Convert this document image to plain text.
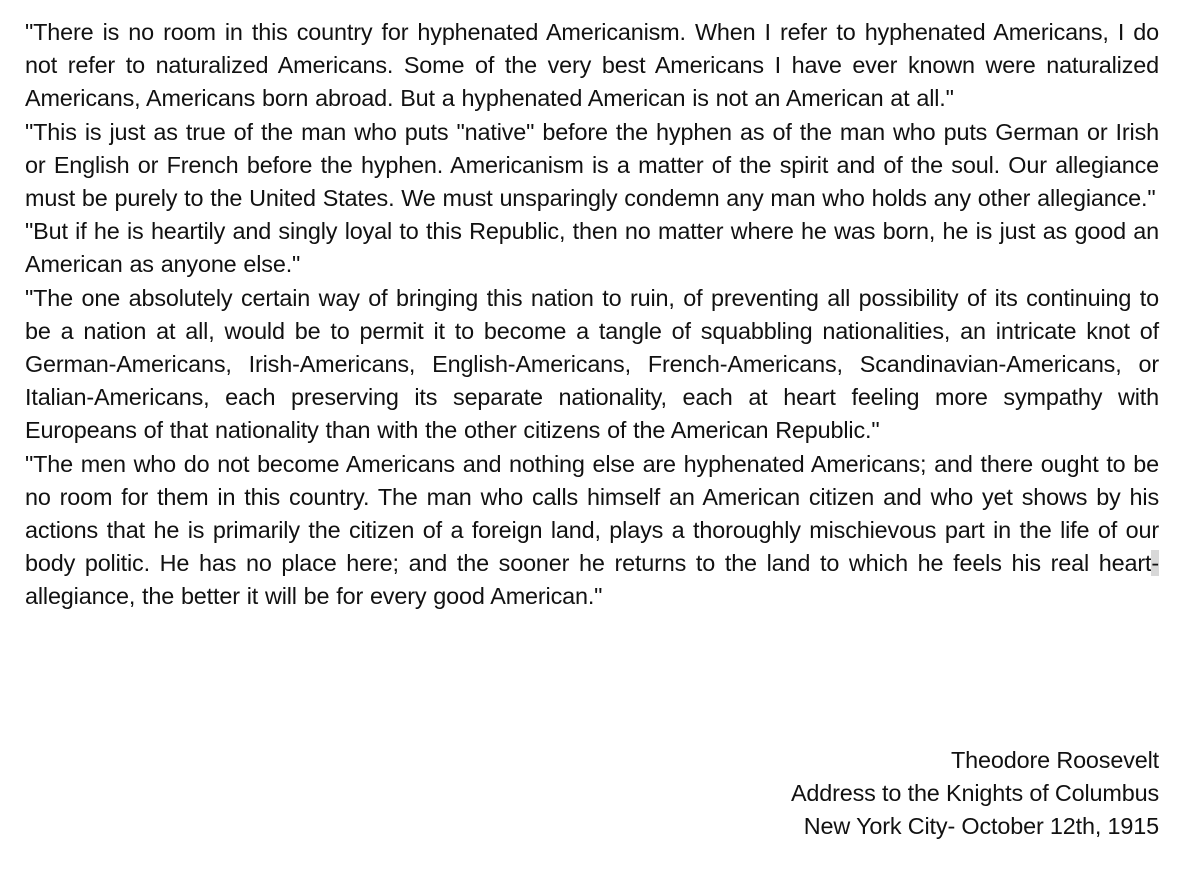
"There is no room in this country for hyphenated Americanism. When I refer to hyphenated Americans, I do not refer to naturalized Americans. Some of the very best Americans I have ever known were naturalized Americans, Americans born abroad. But a hyphenated American is not an American at all."

"This is just as true of the man who puts "native" before the hyphen as of the man who puts German or Irish or English or French before the hyphen. Americanism is a matter of the spirit and of the soul. Our allegiance must be purely to the United States. We must unsparingly condemn any man who holds any other allegiance."

"But if he is heartily and singly loyal to this Republic, then no matter where he was born, he is just as good an American as anyone else."

"The one absolutely certain way of bringing this nation to ruin, of preventing all possibility of its continuing to be a nation at all, would be to permit it to become a tangle of squabbling nationalities, an intricate knot of German-Americans, Irish-Americans, English-Americans, French-Americans, Scandinavian-Americans, or Italian-Americans, each preserving its separate nationality, each at heart feeling more sympathy with Europeans of that nationality than with the other citizens of the American Republic."

"The men who do not become Americans and nothing else are hyphenated Americans; and there ought to be no room for them in this country. The man who calls himself an American citizen and who yet shows by his actions that he is primarily the citizen of a foreign land, plays a thoroughly mischievous part in the life of our body politic. He has no place here; and the sooner he returns to the land to which he feels his real heart-allegiance, the better it will be for every good American."

Theodore Roosevelt
Address to the Knights of Columbus
New York City- October 12th, 1915
